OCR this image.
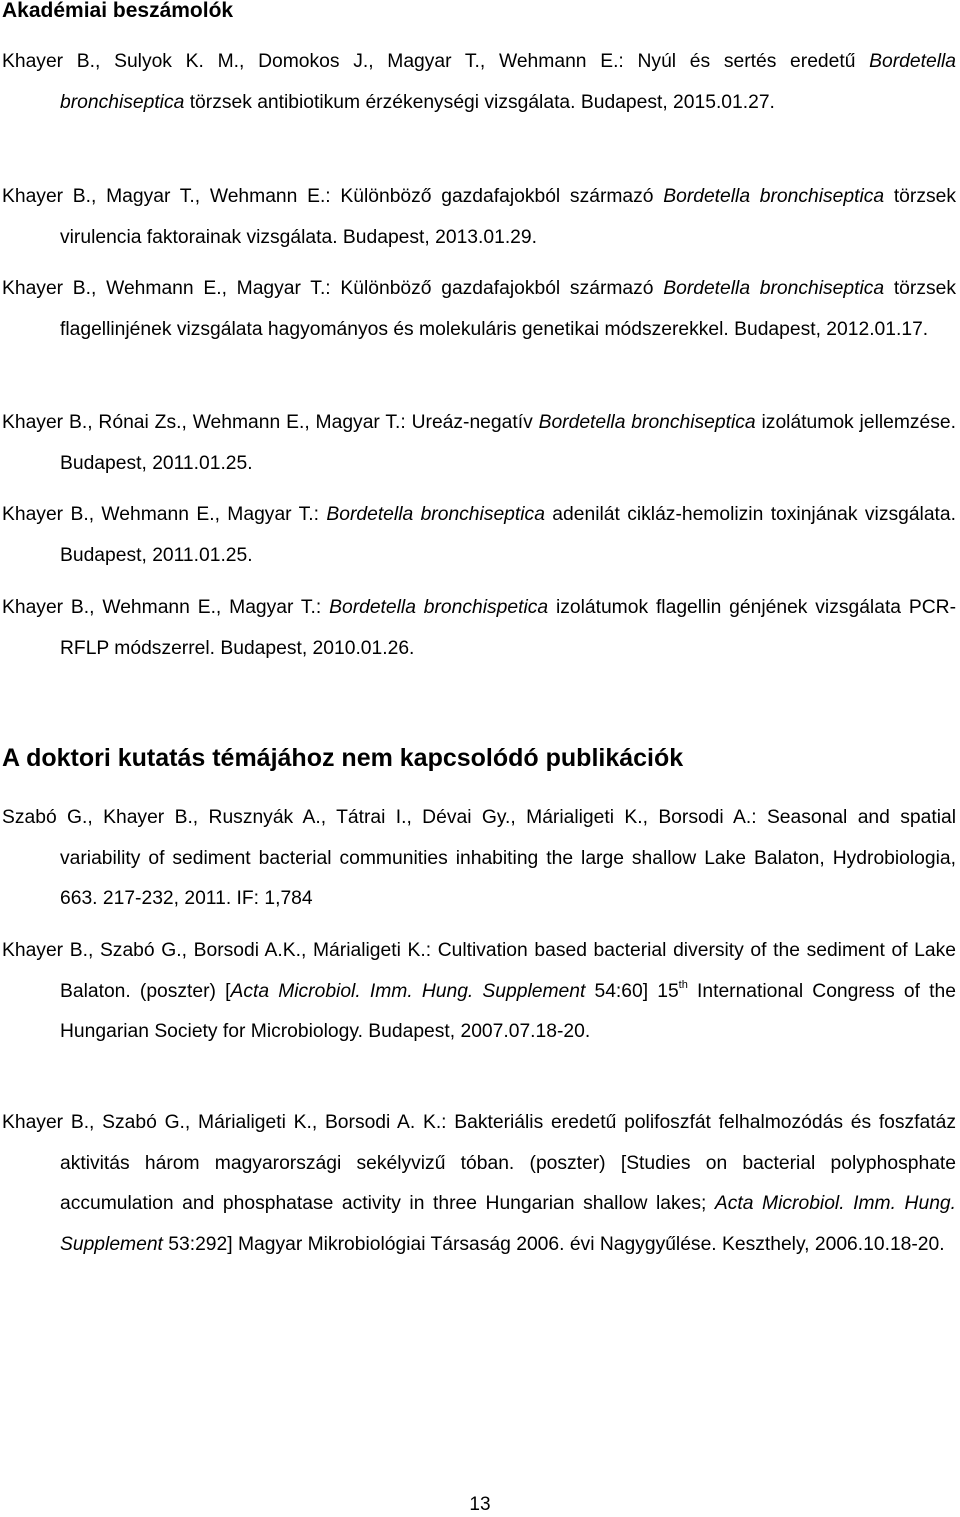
Akadémiai beszámolók

Khayer B., Sulyok K. M., Domokos J., Magyar T., Wehmann E.: Nyúl és sertés eredetű Bordetella bronchiseptica törzsek antibiotikum érzékenységi vizsgálata. Budapest, 2015.01.27.

Khayer B., Magyar T., Wehmann E.: Különböző gazdafajokból származó Bordetella bronchiseptica törzsek virulencia faktorainak vizsgálata. Budapest, 2013.01.29.

Khayer B., Wehmann E., Magyar T.: Különböző gazdafajokból származó Bordetella bronchiseptica törzsek flagellinjének vizsgálata hagyományos és molekuláris genetikai módszerekkel. Budapest, 2012.01.17.

Khayer B., Rónai Zs., Wehmann E., Magyar T.: Ureáz-negatív Bordetella bronchiseptica izolátumok jellemzése. Budapest, 2011.01.25.

Khayer B., Wehmann E., Magyar T.: Bordetella bronchiseptica adenilát cikláz-hemolizin toxinjának vizsgálata. Budapest, 2011.01.25.

Khayer B., Wehmann E., Magyar T.: Bordetella bronchispetica izolátumok flagellin génjének vizsgálata PCR-RFLP módszerrel. Budapest, 2010.01.26.

A doktori kutatás témájához nem kapcsolódó publikációk

Szabó G., Khayer B., Rusznyák A., Tátrai I., Dévai Gy., Márialigeti K., Borsodi A.: Seasonal and spatial variability of sediment bacterial communities inhabiting the large shallow Lake Balaton, Hydrobiologia, 663. 217-232, 2011. IF: 1,784

Khayer B., Szabó G., Borsodi A.K., Márialigeti K.: Cultivation based bacterial diversity of the sediment of Lake Balaton. (poszter) [Acta Microbiol. Imm. Hung. Supplement 54:60] 15th International Congress of the Hungarian Society for Microbiology. Budapest, 2007.07.18-20.

Khayer B., Szabó G., Márialigeti K., Borsodi A. K.: Bakteriális eredetű polifoszfát felhalmozódás és foszfatáz aktivitás három magyarországi sekélyvizű tóban. (poszter) [Studies on bacterial polyphosphate accumulation and phosphatase activity in three Hungarian shallow lakes; Acta Microbiol. Imm. Hung. Supplement 53:292] Magyar Mikrobiológiai Társaság 2006. évi Nagygyűlése. Keszthely, 2006.10.18-20.

13
